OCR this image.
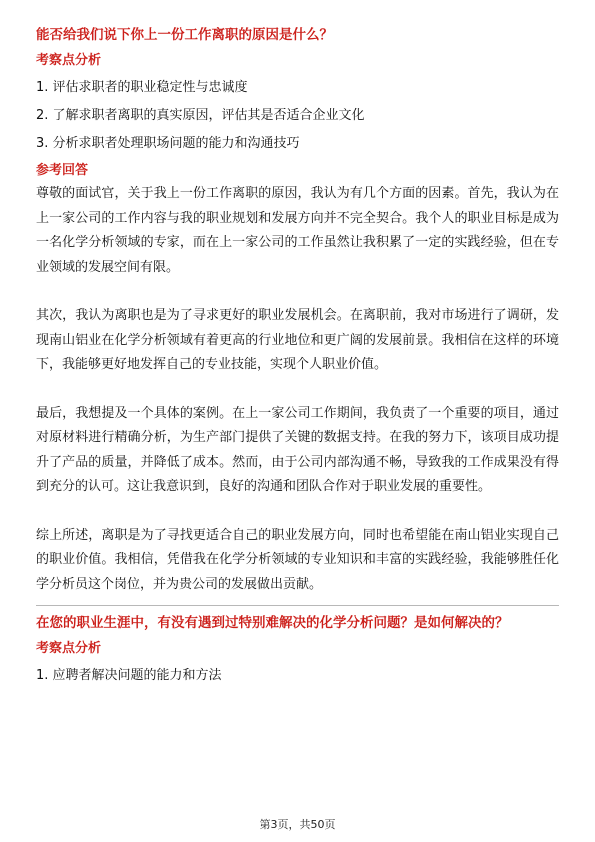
能否给我们说下你上一份工作离职的原因是什么？

考察点分析

1. 评估求职者的职业稳定性与忠诚度

2. 了解求职者离职的真实原因，评估其是否适合企业文化

3. 分析求职者处理职场问题的能力和沟通技巧

参考回答

尊敬的面试官，关于我上一份工作离职的原因，我认为有几个方面的因素。首先，我认为在上一家公司的工作内容与我的职业规划和发展方向并不完全契合。我个人的职业目标是成为一名化学分析领域的专家，而在上一家公司的工作虽然让我积累了一定的实践经验，但在专业领域的发展空间有限。

其次，我认为离职也是为了寻求更好的职业发展机会。在离职前，我对市场进行了调研，发现南山铝业在化学分析领域有着更高的行业地位和更广阔的发展前景。我相信在这样的环境下，我能够更好地发挥自己的专业技能，实现个人职业价值。

最后，我想提及一个具体的案例。在上一家公司工作期间，我负责了一个重要的项目，通过对原材料进行精确分析，为生产部门提供了关键的数据支持。在我的努力下，该项目成功提升了产品的质量，并降低了成本。然而，由于公司内部沟通不畅，导致我的工作成果没有得到充分的认可。这让我意识到，良好的沟通和团队合作对于职业发展的重要性。

综上所述，离职是为了寻找更适合自己的职业发展方向，同时也希望能在南山铝业实现自己的职业价值。我相信，凭借我在化学分析领域的专业知识和丰富的实践经验，我能够胜任化学分析员这个岗位，并为贵公司的发展做出贡献。

在您的职业生涯中，有没有遇到过特别难解决的化学分析问题？是如何解决的？

考察点分析

1. 应聘者解决问题的能力和方法

第3页，共50页
